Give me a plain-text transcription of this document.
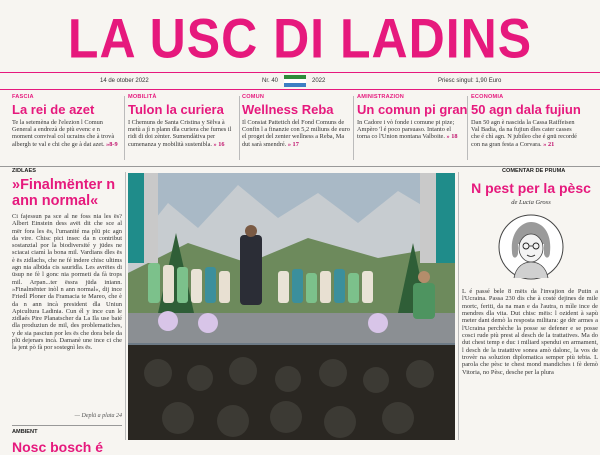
LA USC DI LADINS
14 de otober 2022	Nr. 40	2022	Priesc singul: 1,90 Euro
FASCIA
La rei de azet
Te la setemèna de l'elezion l Comun General a ​endrezà de più evenc e n moment convival col ucrains che à trovà albergh te val e chi che ge à dat azet. »8-9
MOBILITÀ
Tulon la curiera
I Chemuns de Santa Cristina y Sëlva à metù a jì n plann dla curiera che furnes il ridi di doi zènter. Sumendàtiva per cumenanza y mobilità sustenibla. » 16
COMUN
Wellness Reba
Il Consiat Pattetich del Fond Comuns de Confin l a finanzie con 5,2 miliuns de euro el proget del zenter wellness a Reba, Ma dut sarà smendré. » 17
AMINISTRAZION
Un comun pi gran
In Cadore i vò fonde i comune pi pize; Ampèro 'l é poco parsuaso. Intanto el torna co l'Union montana Valboite. » 18
ECONOMIA
50 agn dala fujiun
Dan 50 agn è nascida la Cassa Raiffeisen Val Badia, da na fujiun dles cater casses che é chì agn. N jubileo che é gnü recordé con na gran festa a Corvara. » 21
ZIDLAES
»Finalmënter n ann normal«
Ci fajessun pa sce al ne foss nia les ës? Albert Einstein dess avëi dit che sce al mër fora les ës, l'umanité ma plü pic agn da vire. Chisc pici insec da n contribut sostanzial por la biodiversité y jüdes ne sciacai ciamì la bona mil. Vardians dles ës è ës zidlachs, che ne fé indere chisc ultims agn nia albüda cis sauridla. Les avrëies di üsup ne fè l gonc nia pormeti da fà trops mil. Arpan...ter ëssra jüda iniann. »Finalmënter inòl n ann normal«, dij ince Friedl Ploner da Framacia te Mareo, che è da n ann incà president dla Uniun Apicultura Ladinia. Cun él y ince cun le zidlaés Pire Planatscher da La Ila use baié dla produziun de mil, des problematiches, y de sia pasciun por les ës che dora bele da plü dejenars incà. Damanè une ince ci che la jent pò fà por sostegnì les ës.
— Deplü a plata 24
AMBIENT
Nosc bosch é
COMENTAR DE PRUMA
N pest per la pèsc
de Lucia Gross
L é passé bele 8 mëis da l'invajion de Putin a l'Ucraina. Passa 230 dis che à costé dejines de mile mortc, feriti, da na man e da l'autra, n mìle ince de mendres dla vita. Dut chisc mëis: l ozident à sapù meter dant demò la resposta militara: ge dër armes a l'Ucraina perchèche la posse se defener e se posse cosci rude più prest al desch de la trattatives. Ma do dut chest temp e duc i miliard spendui en armament, l desch de la tratattive sonea amò dalonc, la vos de trovèr na soluzion diplomatica semper più tebia. L parola che pèsc te chest mond mandiches i fè demò Vitoria, no Pèsc, desche per la plura
